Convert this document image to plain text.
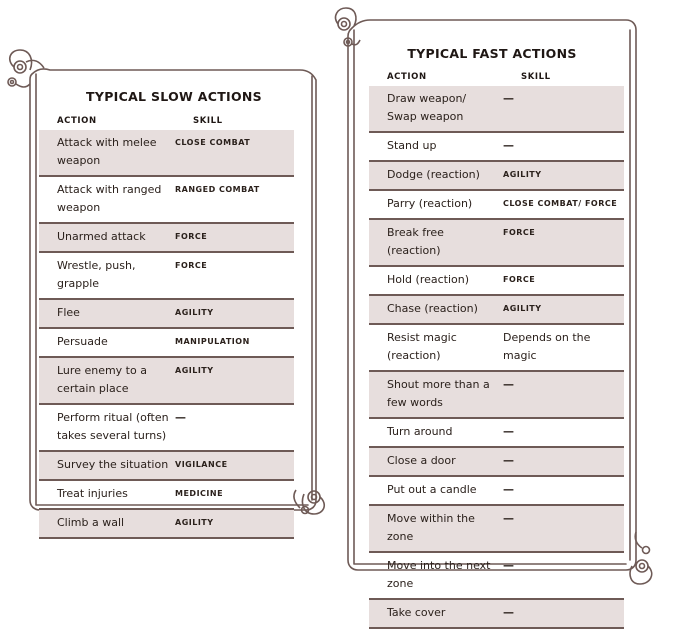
TYPICAL SLOW ACTIONS
ACTION	SKILL
Attack with melee weapon	CLOSE COMBAT
Attack with ranged weapon	RANGED COMBAT
Unarmed attack	FORCE
Wrestle, push, grapple	FORCE
Flee	AGILITY
Persuade	MANIPULATION
Lure enemy to a certain place	AGILITY
Perform ritual (often takes several turns)	—
Survey the situation	VIGILANCE
Treat injuries	MEDICINE
Climb a wall	AGILITY
TYPICAL FAST ACTIONS
ACTION	SKILL
Draw weapon/ Swap weapon	—
Stand up	—
Dodge (reaction)	AGILITY
Parry (reaction)	CLOSE COMBAT/ FORCE
Break free (reaction)	FORCE
Hold (reaction)	FORCE
Chase (reaction)	AGILITY
Resist magic (reaction)	Depends on the magic
Shout more than a few words	—
Turn around	—
Close a door	—
Put out a candle	—
Move within the zone	—
Move into the next zone	—
Take cover	—
